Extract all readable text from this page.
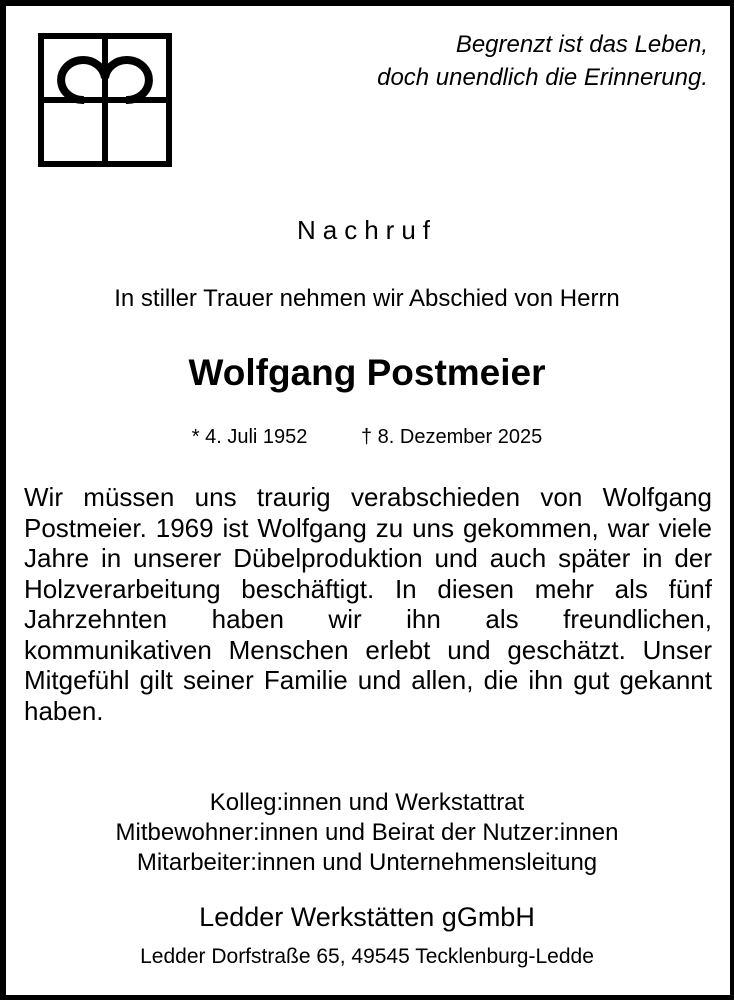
Begrenzt ist das Leben,
doch unendlich die Erinnerung.
Nachruf
In stiller Trauer nehmen wir Abschied von Herrn
Wolfgang Postmeier
* 4. Juli 1952	† 8. Dezember 2025
Wir müssen uns traurig verabschieden von Wolfgang Postmeier. 1969 ist Wolfgang zu uns gekommen, war viele Jahre in unserer Dübelproduktion und auch später in der Holzverarbeitung beschäftigt. In diesen mehr als fünf Jahrzehnten haben wir ihn als freundlichen, kommunikativen Menschen erlebt und geschätzt. Unser Mitgefühl gilt seiner Familie und allen, die ihn gut gekannt haben.
Kolleg:innen und Werkstattrat
Mitbewohner:innen und Beirat der Nutzer:innen
Mitarbeiter:innen und Unternehmensleitung
Ledder Werkstätten gGmbH
Ledder Dorfstraße 65, 49545 Tecklenburg-Ledde
